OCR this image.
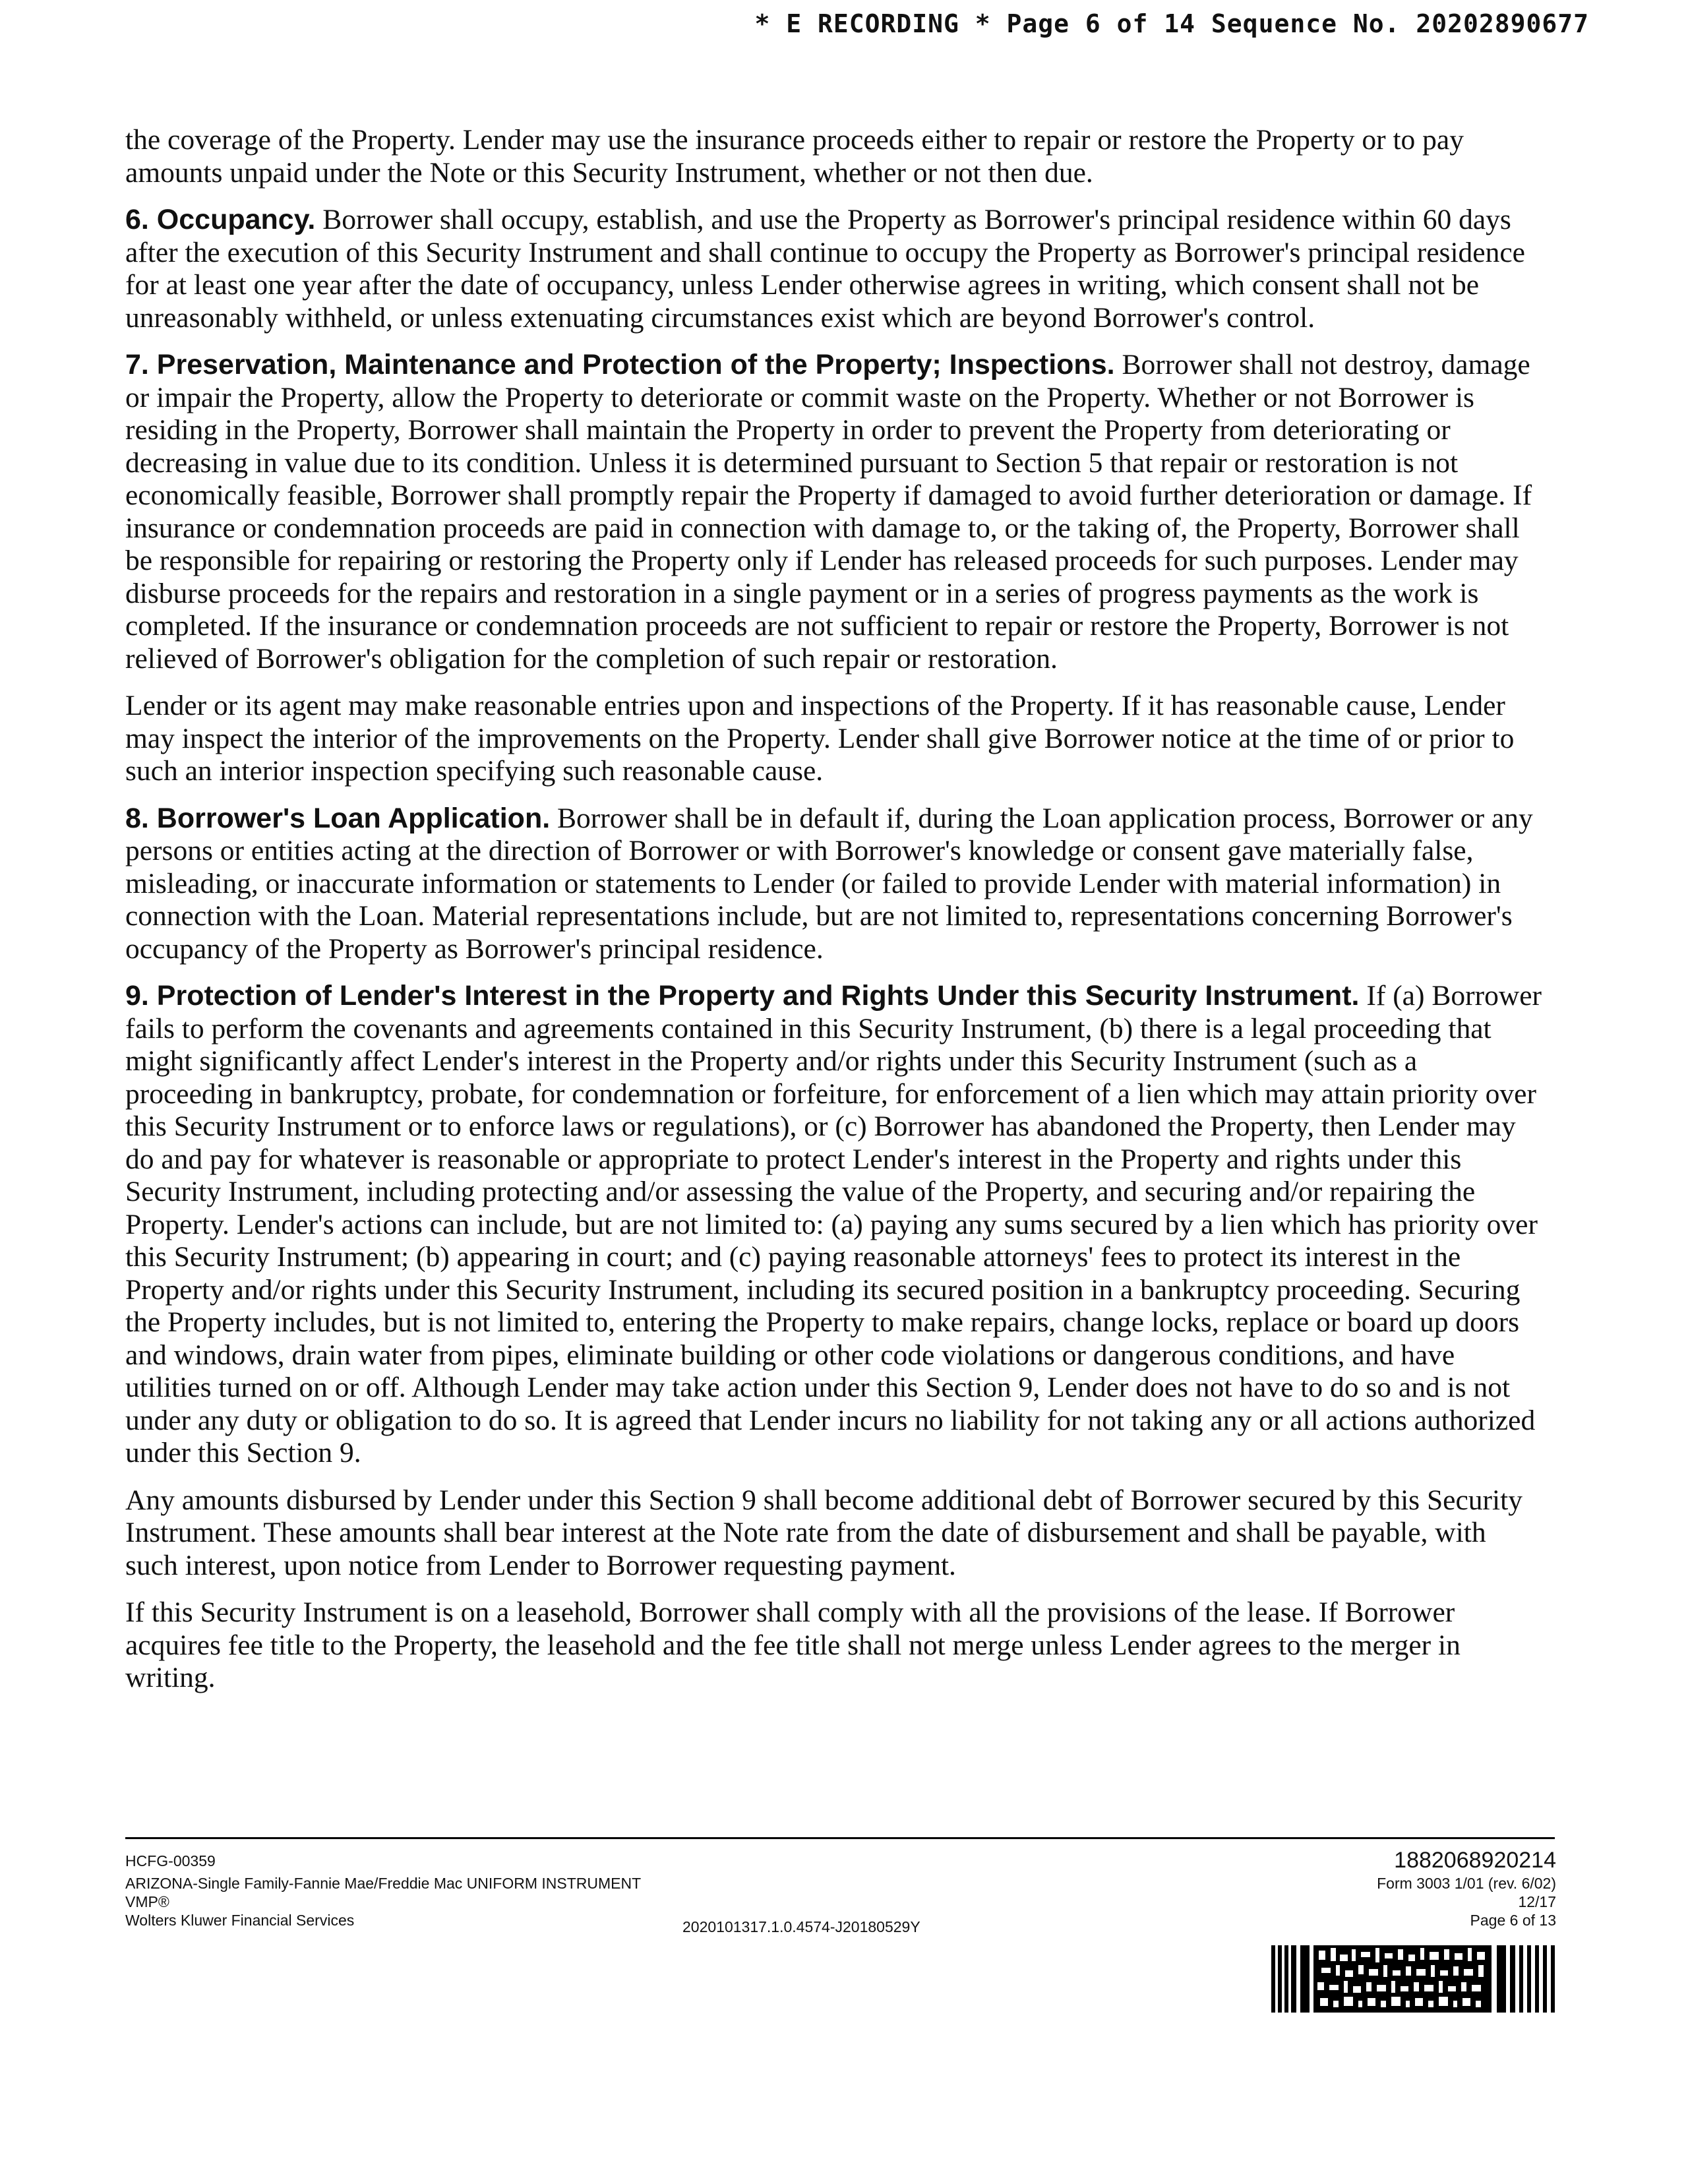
* E RECORDING * Page 6 of 14 Sequence No. 20202890677

the coverage of the Property. Lender may use the insurance proceeds either to repair or restore the Property or to pay amounts unpaid under the Note or this Security Instrument, whether or not then due.

6. Occupancy. Borrower shall occupy, establish, and use the Property as Borrower's principal residence within 60 days after the execution of this Security Instrument and shall continue to occupy the Property as Borrower's principal residence for at least one year after the date of occupancy, unless Lender otherwise agrees in writing, which consent shall not be unreasonably withheld, or unless extenuating circumstances exist which are beyond Borrower's control.

7. Preservation, Maintenance and Protection of the Property; Inspections. Borrower shall not destroy, damage or impair the Property, allow the Property to deteriorate or commit waste on the Property. Whether or not Borrower is residing in the Property, Borrower shall maintain the Property in order to prevent the Property from deteriorating or decreasing in value due to its condition. Unless it is determined pursuant to Section 5 that repair or restoration is not economically feasible, Borrower shall promptly repair the Property if damaged to avoid further deterioration or damage. If insurance or condemnation proceeds are paid in connection with damage to, or the taking of, the Property, Borrower shall be responsible for repairing or restoring the Property only if Lender has released proceeds for such purposes. Lender may disburse proceeds for the repairs and restoration in a single payment or in a series of progress payments as the work is completed. If the insurance or condemnation proceeds are not sufficient to repair or restore the Property, Borrower is not relieved of Borrower's obligation for the completion of such repair or restoration.

Lender or its agent may make reasonable entries upon and inspections of the Property. If it has reasonable cause, Lender may inspect the interior of the improvements on the Property. Lender shall give Borrower notice at the time of or prior to such an interior inspection specifying such reasonable cause.

8. Borrower's Loan Application. Borrower shall be in default if, during the Loan application process, Borrower or any persons or entities acting at the direction of Borrower or with Borrower's knowledge or consent gave materially false, misleading, or inaccurate information or statements to Lender (or failed to provide Lender with material information) in connection with the Loan. Material representations include, but are not limited to, representations concerning Borrower's occupancy of the Property as Borrower's principal residence.

9. Protection of Lender's Interest in the Property and Rights Under this Security Instrument. If (a) Borrower fails to perform the covenants and agreements contained in this Security Instrument, (b) there is a legal proceeding that might significantly affect Lender's interest in the Property and/or rights under this Security Instrument (such as a proceeding in bankruptcy, probate, for condemnation or forfeiture, for enforcement of a lien which may attain priority over this Security Instrument or to enforce laws or regulations), or (c) Borrower has abandoned the Property, then Lender may do and pay for whatever is reasonable or appropriate to protect Lender's interest in the Property and rights under this Security Instrument, including protecting and/or assessing the value of the Property, and securing and/or repairing the Property. Lender's actions can include, but are not limited to: (a) paying any sums secured by a lien which has priority over this Security Instrument; (b) appearing in court; and (c) paying reasonable attorneys' fees to protect its interest in the Property and/or rights under this Security Instrument, including its secured position in a bankruptcy proceeding. Securing the Property includes, but is not limited to, entering the Property to make repairs, change locks, replace or board up doors and windows, drain water from pipes, eliminate building or other code violations or dangerous conditions, and have utilities turned on or off. Although Lender may take action under this Section 9, Lender does not have to do so and is not under any duty or obligation to do so. It is agreed that Lender incurs no liability for not taking any or all actions authorized under this Section 9.

Any amounts disbursed by Lender under this Section 9 shall become additional debt of Borrower secured by this Security Instrument. These amounts shall bear interest at the Note rate from the date of disbursement and shall be payable, with such interest, upon notice from Lender to Borrower requesting payment.

If this Security Instrument is on a leasehold, Borrower shall comply with all the provisions of the lease. If Borrower acquires fee title to the Property, the leasehold and the fee title shall not merge unless Lender agrees to the merger in writing.

HCFG-00359
ARIZONA-Single Family-Fannie Mae/Freddie Mac UNIFORM INSTRUMENT
VMP®
Wolters Kluwer Financial Services	2020101317.1.0.4574-J20180529Y
1882068920214
Form 3003 1/01 (rev. 6/02)
12/17
Page 6 of 13
